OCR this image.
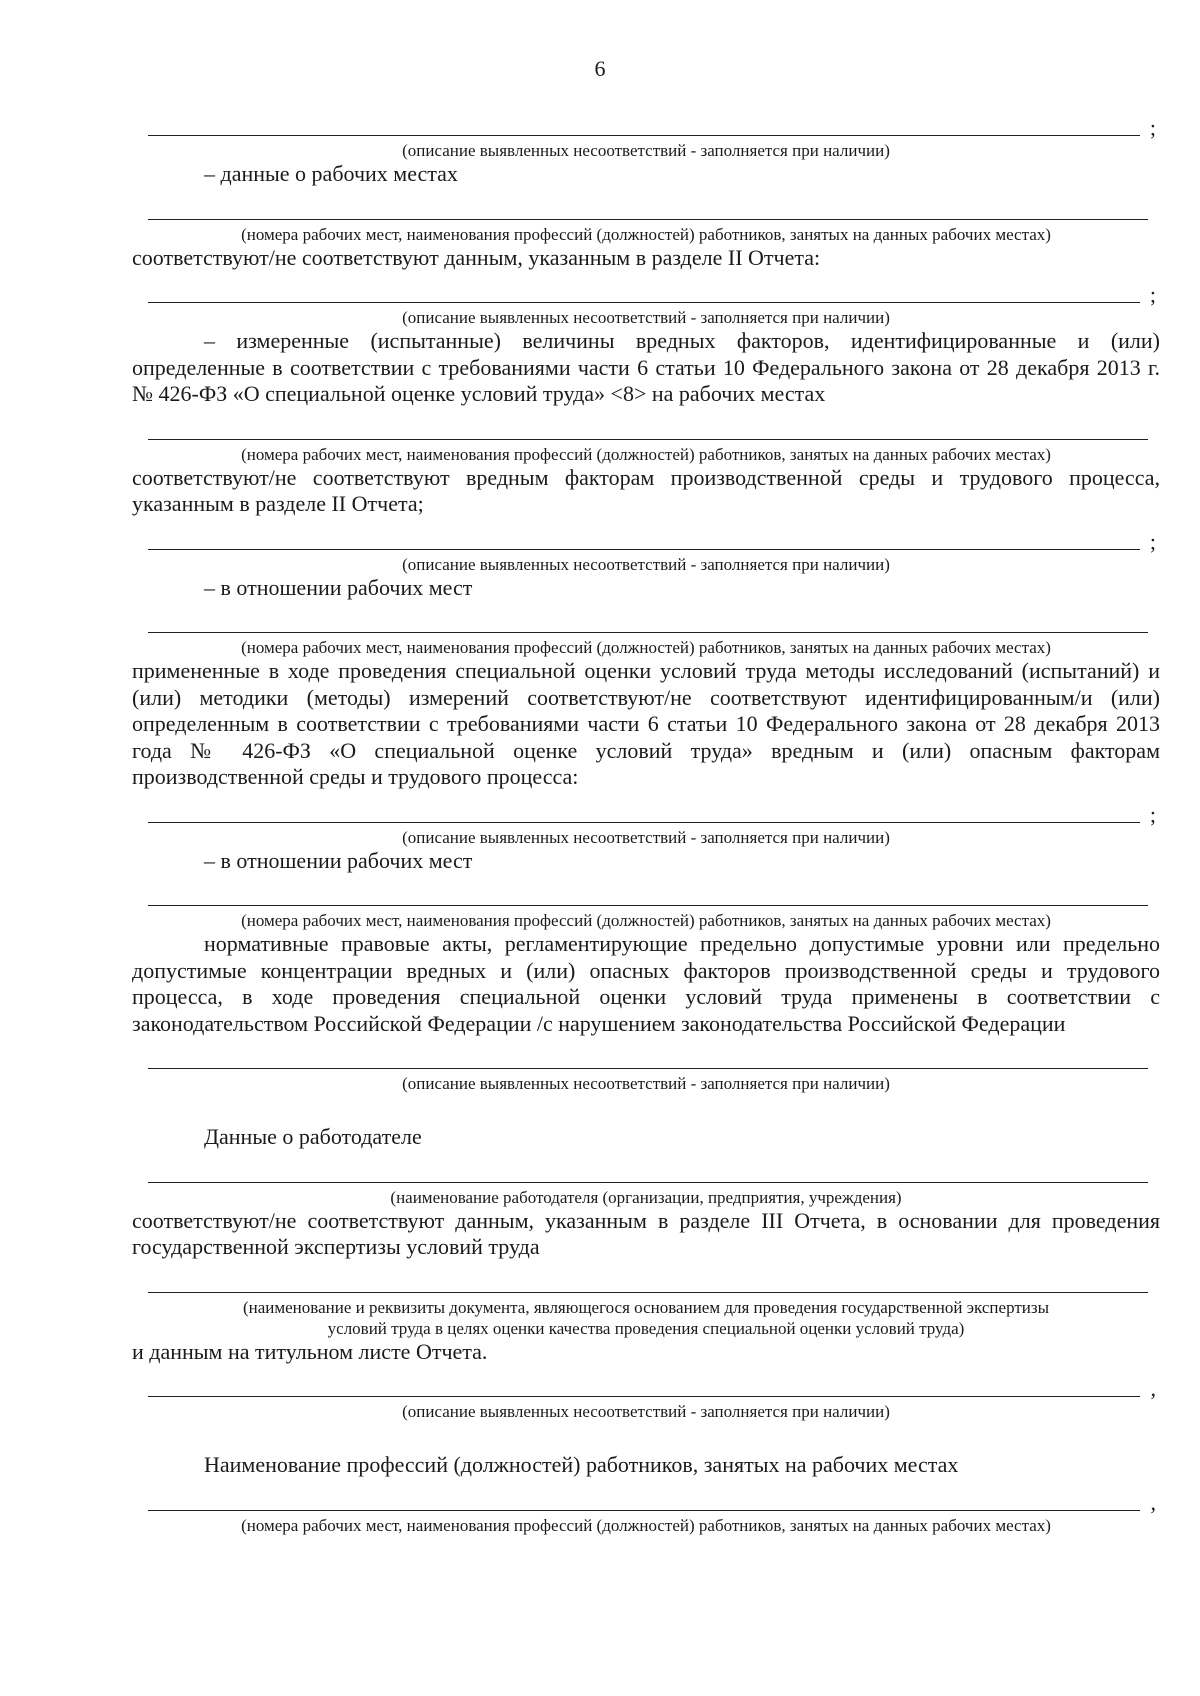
6
;
(описание выявленных несоответствий - заполняется при наличии)

– данные о рабочих местах

(номера рабочих мест, наименования профессий (должностей) работников, занятых на данных рабочих местах)

соответствуют/не соответствуют данным, указанным в разделе II Отчета:

;
(описание выявленных несоответствий - заполняется при наличии)

– измеренные (испытанные) величины вредных факторов, идентифицированные и (или) определенные в соответствии с требованиями части 6 статьи 10 Федерального закона от 28 декабря 2013 г. № 426-ФЗ «О специальной оценке условий труда» <8> на рабочих местах

(номера рабочих мест, наименования профессий (должностей) работников, занятых на данных рабочих местах)

соответствуют/не соответствуют вредным факторам производственной среды и трудового процесса, указанным в разделе II Отчета;

;
(описание выявленных несоответствий - заполняется при наличии)

– в отношении рабочих мест

(номера рабочих мест, наименования профессий (должностей) работников, занятых на данных рабочих местах)

примененные в ходе проведения специальной оценки условий труда методы исследований (испытаний) и (или) методики (методы) измерений соответствуют/не соответствуют идентифицированным/и (или) определенным в соответствии с требованиями части 6 статьи 10 Федерального закона от 28 декабря 2013 года № 426-ФЗ «О специальной оценке условий труда» вредным и (или) опасным факторам производственной среды и трудового процесса:

;
(описание выявленных несоответствий - заполняется при наличии)

– в отношении рабочих мест

(номера рабочих мест, наименования профессий (должностей) работников, занятых на данных рабочих местах)

нормативные правовые акты, регламентирующие предельно допустимые уровни или предельно допустимые концентрации вредных и (или) опасных факторов производственной среды и трудового процесса, в ходе проведения специальной оценки условий труда применены в соответствии с законодательством Российской Федерации /с нарушением законодательства Российской Федерации

(описание выявленных несоответствий - заполняется при наличии)

Данные о работодателе

(наименование работодателя (организации, предприятия, учреждения)

соответствуют/не соответствуют данным, указанным в разделе III Отчета, в основании для проведения государственной экспертизы условий труда

(наименование и реквизиты документа, являющегося основанием для проведения государственной экспертизы
условий труда в целях оценки качества проведения специальной оценки условий труда)

и данным на титульном листе Отчета.

,
(описание выявленных несоответствий - заполняется при наличии)

Наименование профессий (должностей) работников, занятых на рабочих местах

,
(номера рабочих мест, наименования профессий (должностей) работников, занятых на данных рабочих местах)
